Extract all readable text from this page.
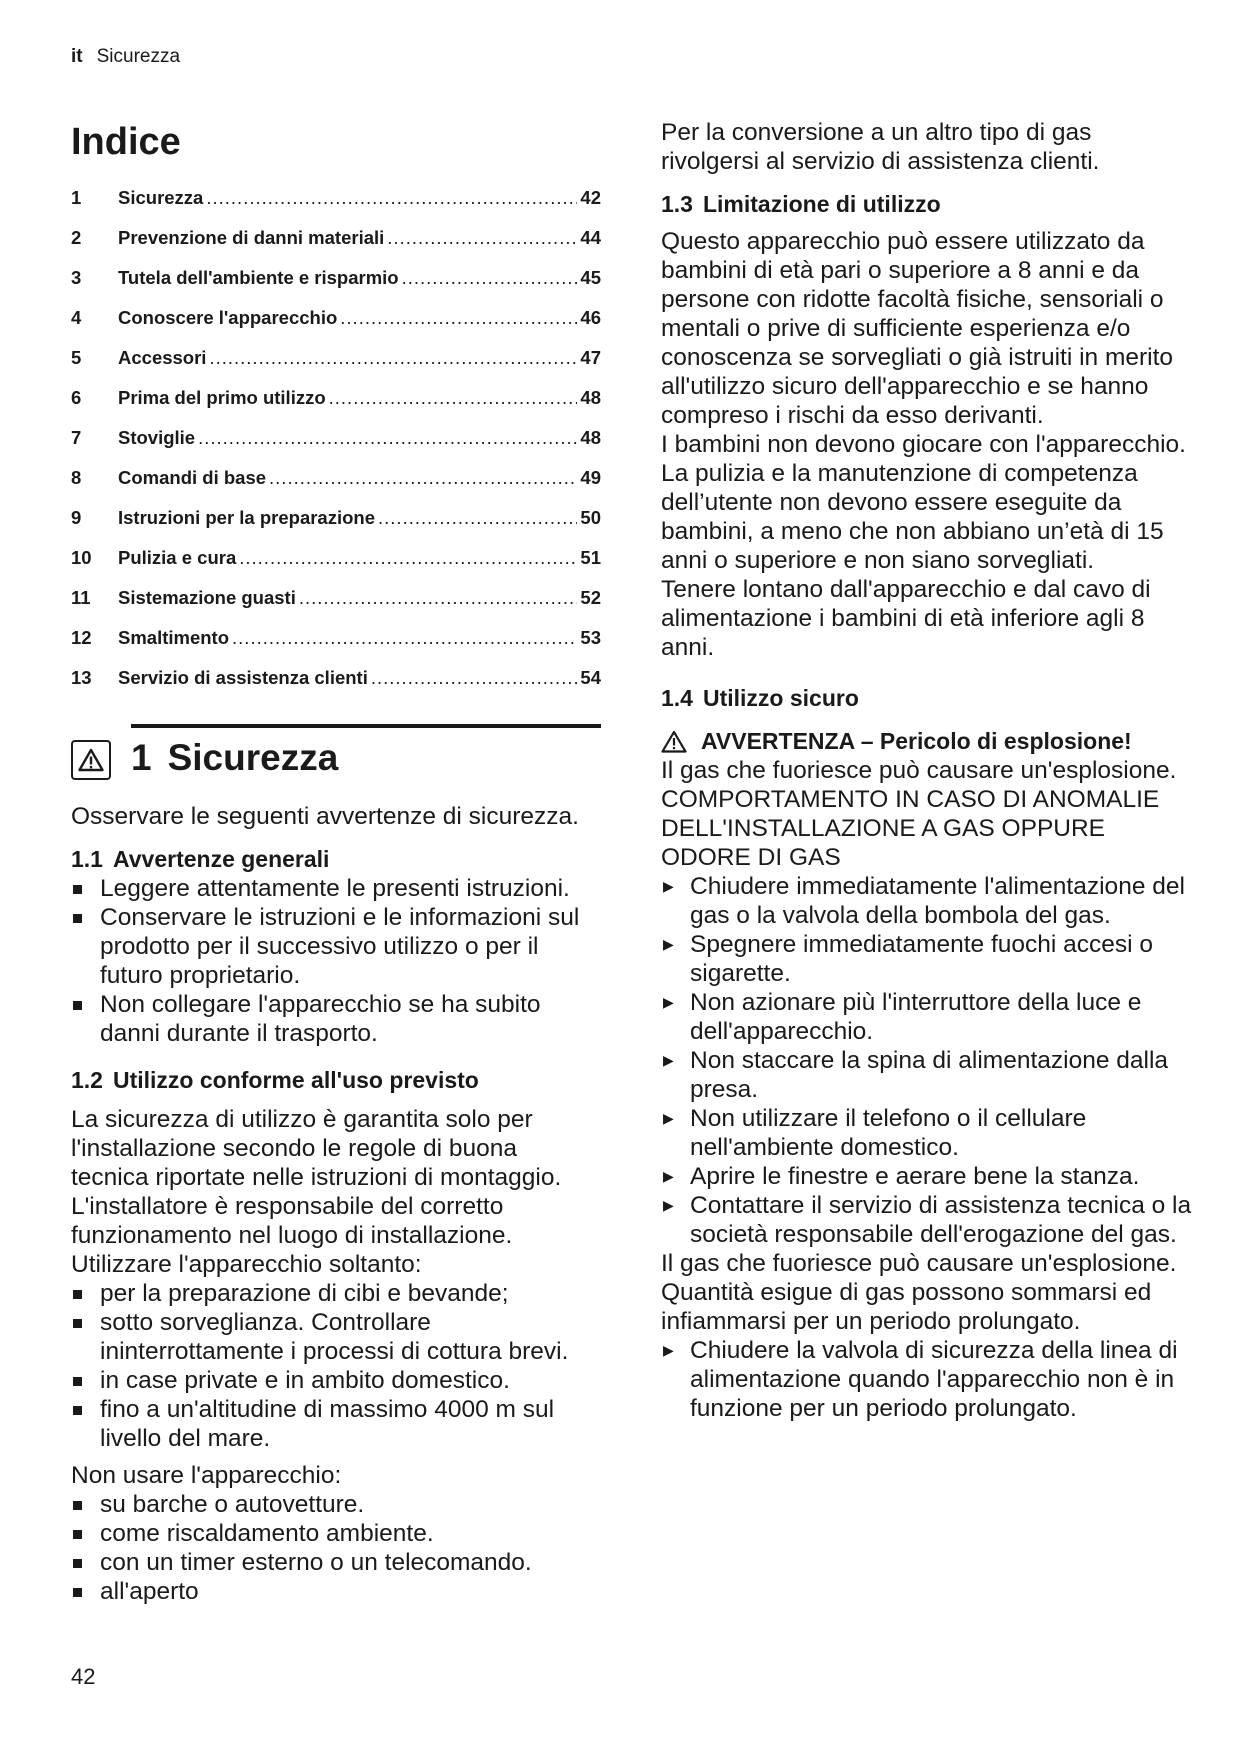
it Sicurezza
Indice
1	Sicurezza .....	42
2	Prevenzione di danni materiali .....	44
3	Tutela dell'ambiente e risparmio .....	45
4	Conoscere l'apparecchio .....	46
5	Accessori .....	47
6	Prima del primo utilizzo .....	48
7	Stoviglie .....	48
8	Comandi di base .....	49
9	Istruzioni per la preparazione .....	50
10	Pulizia e cura .....	51
11	Sistemazione guasti .....	52
12	Smaltimento .....	53
13	Servizio di assistenza clienti .....	54
1 Sicurezza

Osservare le seguenti avvertenze di sicurezza.

1.1 Avvertenze generali
Leggere attentamente le presenti istruzioni.
Conservare le istruzioni e le informazioni sul prodotto per il successivo utilizzo o per il futuro proprietario.
Non collegare l'apparecchio se ha subito danni durante il trasporto.
1.2 Utilizzo conforme all'uso previsto

La sicurezza di utilizzo è garantita solo per l'installazione secondo le regole di buona tecnica riportate nelle istruzioni di montaggio. L'installatore è responsabile del corretto funzionamento nel luogo di installazione.

Utilizzare l'apparecchio soltanto:

per la preparazione di cibi e bevande;
sotto sorveglianza. Controllare ininterrottamente i processi di cottura brevi.
in case private e in ambito domestico.
fino a un'altitudine di massimo 4000 m sul livello del mare.

Non usare l'apparecchio:

su barche o autovetture.
come riscaldamento ambiente.
con un timer esterno o un telecomando.
all'aperto

Per la conversione a un altro tipo di gas rivolgersi al servizio di assistenza clienti.

1.3 Limitazione di utilizzo

Questo apparecchio può essere utilizzato da bambini di età pari o superiore a 8 anni e da persone con ridotte facoltà fisiche, sensoriali o mentali o prive di sufficiente esperienza e/o conoscenza se sorvegliati o già istruiti in merito all'utilizzo sicuro dell'apparecchio e se hanno compreso i rischi da esso derivanti.

I bambini non devono giocare con l'apparecchio.

La pulizia e la manutenzione di competenza dell’utente non devono essere eseguite da bambini, a meno che non abbiano un’età di 15 anni o superiore e non siano sorvegliati.

Tenere lontano dall'apparecchio e dal cavo di alimentazione i bambini di età inferiore agli 8 anni.

1.4 Utilizzo sicuro
AVVERTENZA – Pericolo di esplosione!

Il gas che fuoriesce può causare un'esplosione. COMPORTAMENTO IN CASO DI ANOMALIE DELL'INSTALLAZIONE A GAS OPPURE ODORE DI GAS

▶ Chiudere immediatamente l'alimentazione del gas o la valvola della bombola del gas.
▶ Spegnere immediatamente fuochi accesi o sigarette.
▶ Non azionare più l'interruttore della luce e dell'apparecchio.
▶ Non staccare la spina di alimentazione dalla presa.
▶ Non utilizzare il telefono o il cellulare nell'ambiente domestico.
▶ Aprire le finestre e aerare bene la stanza.
▶ Contattare il servizio di assistenza tecnica o la società responsabile dell'erogazione del gas.

Il gas che fuoriesce può causare un'esplosione. Quantità esigue di gas possono sommarsi ed infiammarsi per un periodo prolungato.

▶ Chiudere la valvola di sicurezza della linea di alimentazione quando l'apparecchio non è in funzione per un periodo prolungato.
42
